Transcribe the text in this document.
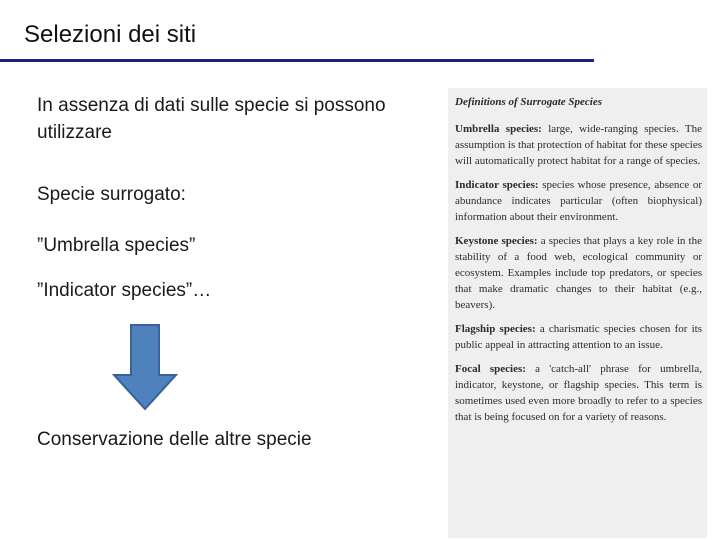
Selezioni dei siti
In assenza di dati sulle specie si possono
utilizzare
Specie surrogato:
”Umbrella species”
”Indicator species”…
Conservazione delle altre specie
Definitions of Surrogate Species
Umbrella species: large, wide-ranging species. The assumption is that protection of habitat for these species will automatically protect habitat for a range of species.
Indicator species: species whose presence, absence or abundance indicates particular (often biophysical) information about their environment.
Keystone species: a species that plays a key role in the stability of a food web, ecological community or ecosystem. Examples include top predators, or species that make dramatic changes to their habitat (e.g., beavers).
Flagship species: a charismatic species chosen for its public appeal in attracting attention to an issue.
Focal species: a 'catch-all' phrase for umbrella, indicator, keystone, or flagship species. This term is sometimes used even more broadly to refer to a species that is being focused on for a variety of reasons.
